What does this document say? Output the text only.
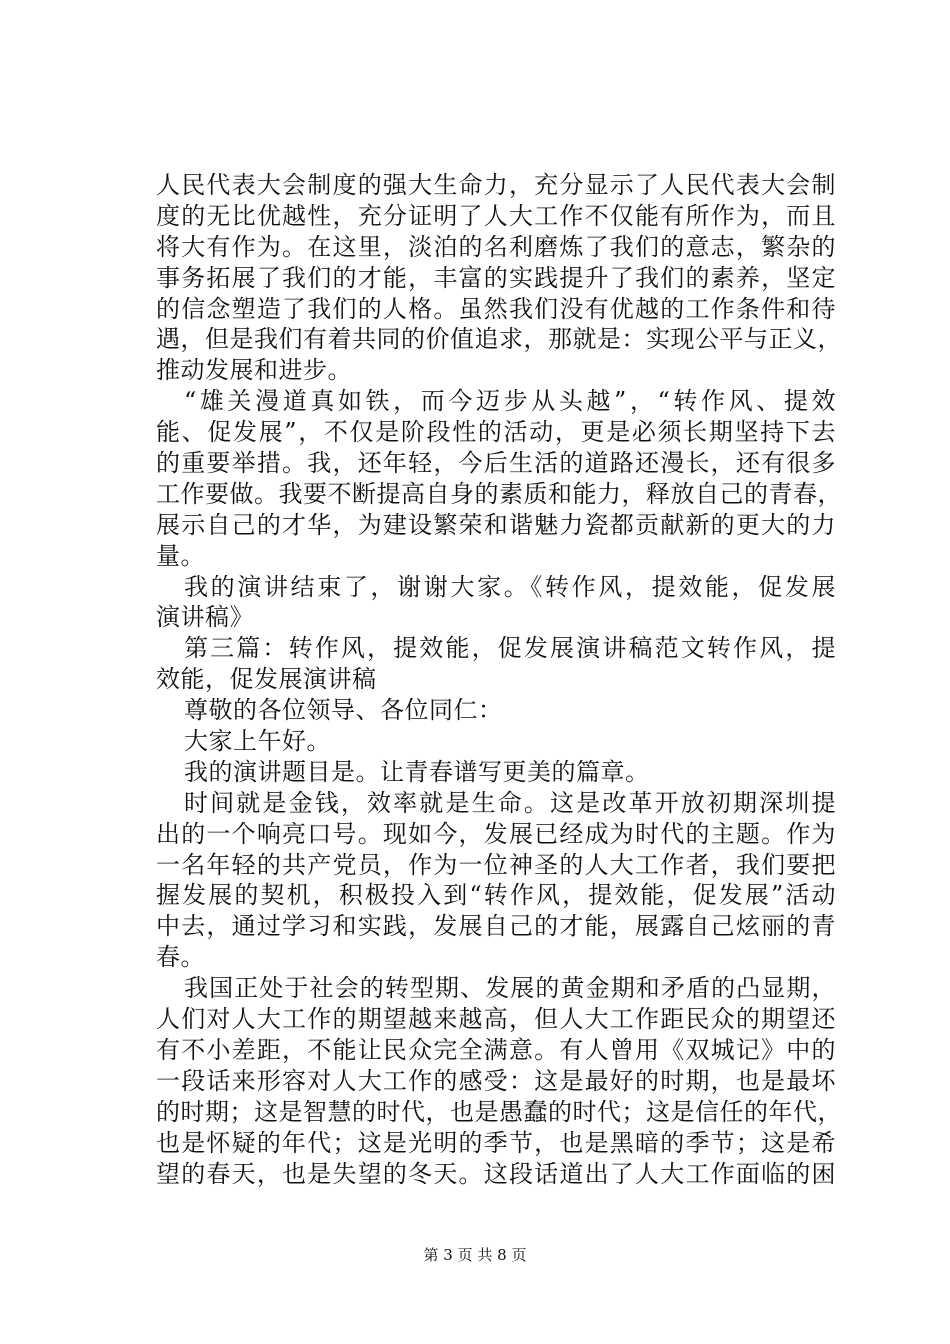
人民代表大会制度的强大生命力，充分显示了人民代表大会制
度的无比优越性，充分证明了人大工作不仅能有所作为，而且
将大有作为。在这里，淡泊的名利磨炼了我们的意志，繁杂的
事务拓展了我们的才能，丰富的实践提升了我们的素养，坚定
的信念塑造了我们的人格。虽然我们没有优越的工作条件和待
遇，但是我们有着共同的价值追求，那就是：实现公平与正义，
推动发展和进步。
“雄关漫道真如铁，而今迈步从头越”，“转作风、提效
能、促发展”，不仅是阶段性的活动，更是必须长期坚持下去
的重要举措。我，还年轻，今后生活的道路还漫长，还有很多
工作要做。我要不断提高自身的素质和能力，释放自己的青春，
展示自己的才华，为建设繁荣和谐魅力瓷都贡献新的更大的力
量。
我的演讲结束了，谢谢大家。《转作风，提效能，促发展
演讲稿》
第三篇：转作风，提效能，促发展演讲稿范文转作风，提
效能，促发展演讲稿
尊敬的各位领导、各位同仁：
大家上午好。
我的演讲题目是。让青春谱写更美的篇章。
时间就是金钱，效率就是生命。这是改革开放初期深圳提
出的一个响亮口号。现如今，发展已经成为时代的主题。作为
一名年轻的共产党员，作为一位神圣的人大工作者，我们要把
握发展的契机，积极投入到“转作风，提效能，促发展”活动
中去，通过学习和实践，发展自己的才能，展露自己炫丽的青
春。
我国正处于社会的转型期、发展的黄金期和矛盾的凸显期，
人们对人大工作的期望越来越高，但人大工作距民众的期望还
有不小差距，不能让民众完全满意。有人曾用《双城记》中的
一段话来形容对人大工作的感受：这是最好的时期，也是最坏
的时期；这是智慧的时代，也是愚蠢的时代；这是信任的年代，
也是怀疑的年代；这是光明的季节，也是黑暗的季节；这是希
望的春天，也是失望的冬天。这段话道出了人大工作面临的困
第 3 页 共 8 页
